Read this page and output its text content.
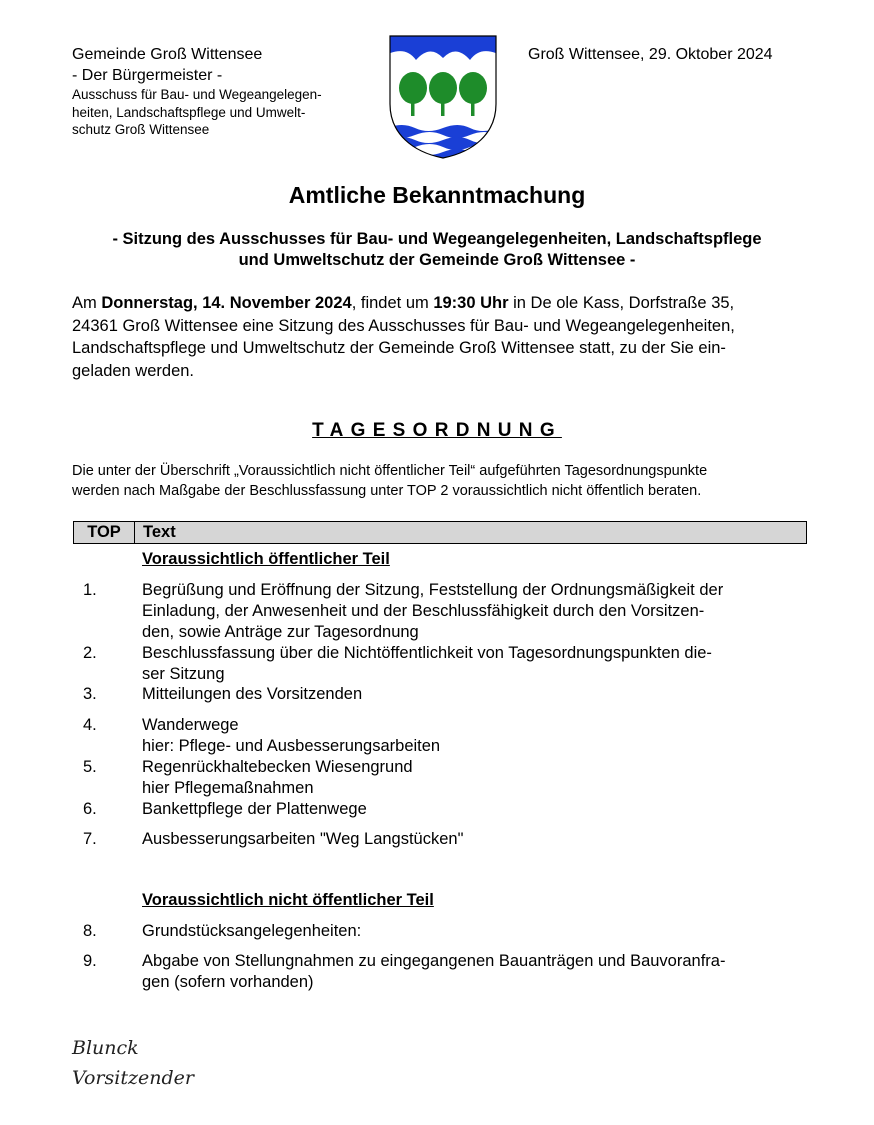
Gemeinde Groß Wittensee
- Der Bürgermeister -
Ausschuss für Bau- und Wegeangelegen-
heiten, Landschaftspflege und Umwelt-
schutz Groß Wittensee
Groß Wittensee, 29. Oktober 2024
Amtliche Bekanntmachung
- Sitzung des Ausschusses für Bau- und Wegeangelegenheiten, Landschaftspflege
und Umweltschutz der Gemeinde Groß Wittensee -
Am Donnerstag, 14. November 2024, findet um 19:30 Uhr in De ole Kass, Dorfstraße 35,
24361 Groß Wittensee eine Sitzung des Ausschusses für Bau- und Wegeangelegenheiten,
Landschaftspflege und Umweltschutz der Gemeinde Groß Wittensee statt, zu der Sie ein-
geladen werden.
TAGESORDNUNG
Die unter der Überschrift „Voraussichtlich nicht öffentlicher Teil“ aufgeführten Tagesordnungspunkte
werden nach Maßgabe der Beschlussfassung unter TOP 2 voraussichtlich nicht öffentlich beraten.
TOP	Text
Voraussichtlich öffentlicher Teil
1.	Begrüßung und Eröffnung der Sitzung, Feststellung der Ordnungsmäßigkeit der
Einladung, der Anwesenheit und der Beschlussfähigkeit durch den Vorsitzen-
den, sowie Anträge zur Tagesordnung
2.	Beschlussfassung über die Nichtöffentlichkeit von Tagesordnungspunkten die-
ser Sitzung
3.	Mitteilungen des Vorsitzenden
4.	Wanderwege
hier: Pflege- und Ausbesserungsarbeiten
5.	Regenrückhaltebecken Wiesengrund
hier Pflegemaßnahmen
6.	Bankettpflege der Plattenwege
7.	Ausbesserungsarbeiten "Weg Langstücken"
Voraussichtlich nicht öffentlicher Teil
8.	Grundstücksangelegenheiten:
9.	Abgabe von Stellungnahmen zu eingegangenen Bauanträgen und Bauvoranfra-
gen (sofern vorhanden)
Blunck
Vorsitzender
